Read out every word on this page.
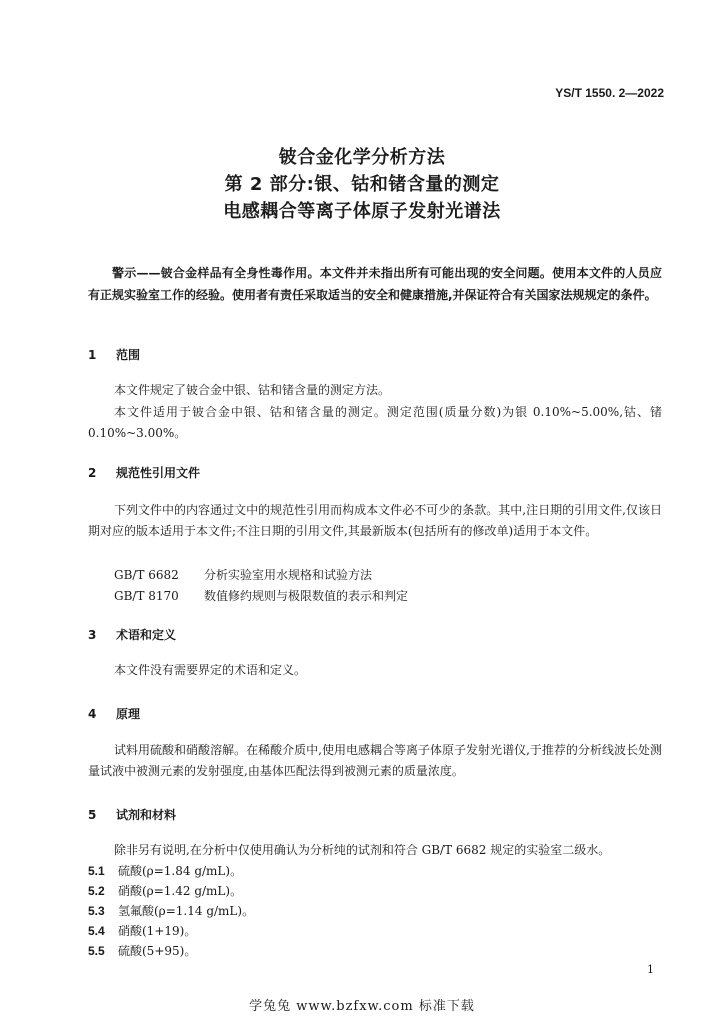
YS/T 1550. 2—2022
铍合金化学分析方法
第 2 部分:银、钴和锗含量的测定
电感耦合等离子体原子发射光谱法
警示——铍合金样品有全身性毒作用。本文件并未指出所有可能出现的安全问题。使用本文件的人员应有正规实验室工作的经验。使用者有责任采取适当的安全和健康措施,并保证符合有关国家法规规定的条件。
1 范围
本文件规定了铍合金中银、钴和锗含量的测定方法。
本文件适用于铍合金中银、钴和锗含量的测定。测定范围(质量分数)为银 0.10%~5.00%,钴、锗 0.10%~3.00%。
2 规范性引用文件
下列文件中的内容通过文中的规范性引用而构成本文件必不可少的条款。其中,注日期的引用文件,仅该日期对应的版本适用于本文件;不注日期的引用文件,其最新版本(包括所有的修改单)适用于本文件。
GB/T 6682 分析实验室用水规格和试验方法
GB/T 8170 数值修约规则与极限数值的表示和判定
3 术语和定义
本文件没有需要界定的术语和定义。
4 原理
试料用硫酸和硝酸溶解。在稀酸介质中,使用电感耦合等离子体原子发射光谱仪,于推荐的分析线波长处测量试液中被测元素的发射强度,由基体匹配法得到被测元素的质量浓度。
5 试剂和材料
除非另有说明,在分析中仅使用确认为分析纯的试剂和符合 GB/T 6682 规定的实验室二级水。
5.1 硫酸(ρ=1.84 g/mL)。
5.2 硝酸(ρ=1.42 g/mL)。
5.3 氢氟酸(ρ=1.14 g/mL)。
5.4 硝酸(1+19)。
5.5 硫酸(5+95)。
1
学兔兔 www.bzfxw.com 标准下载
